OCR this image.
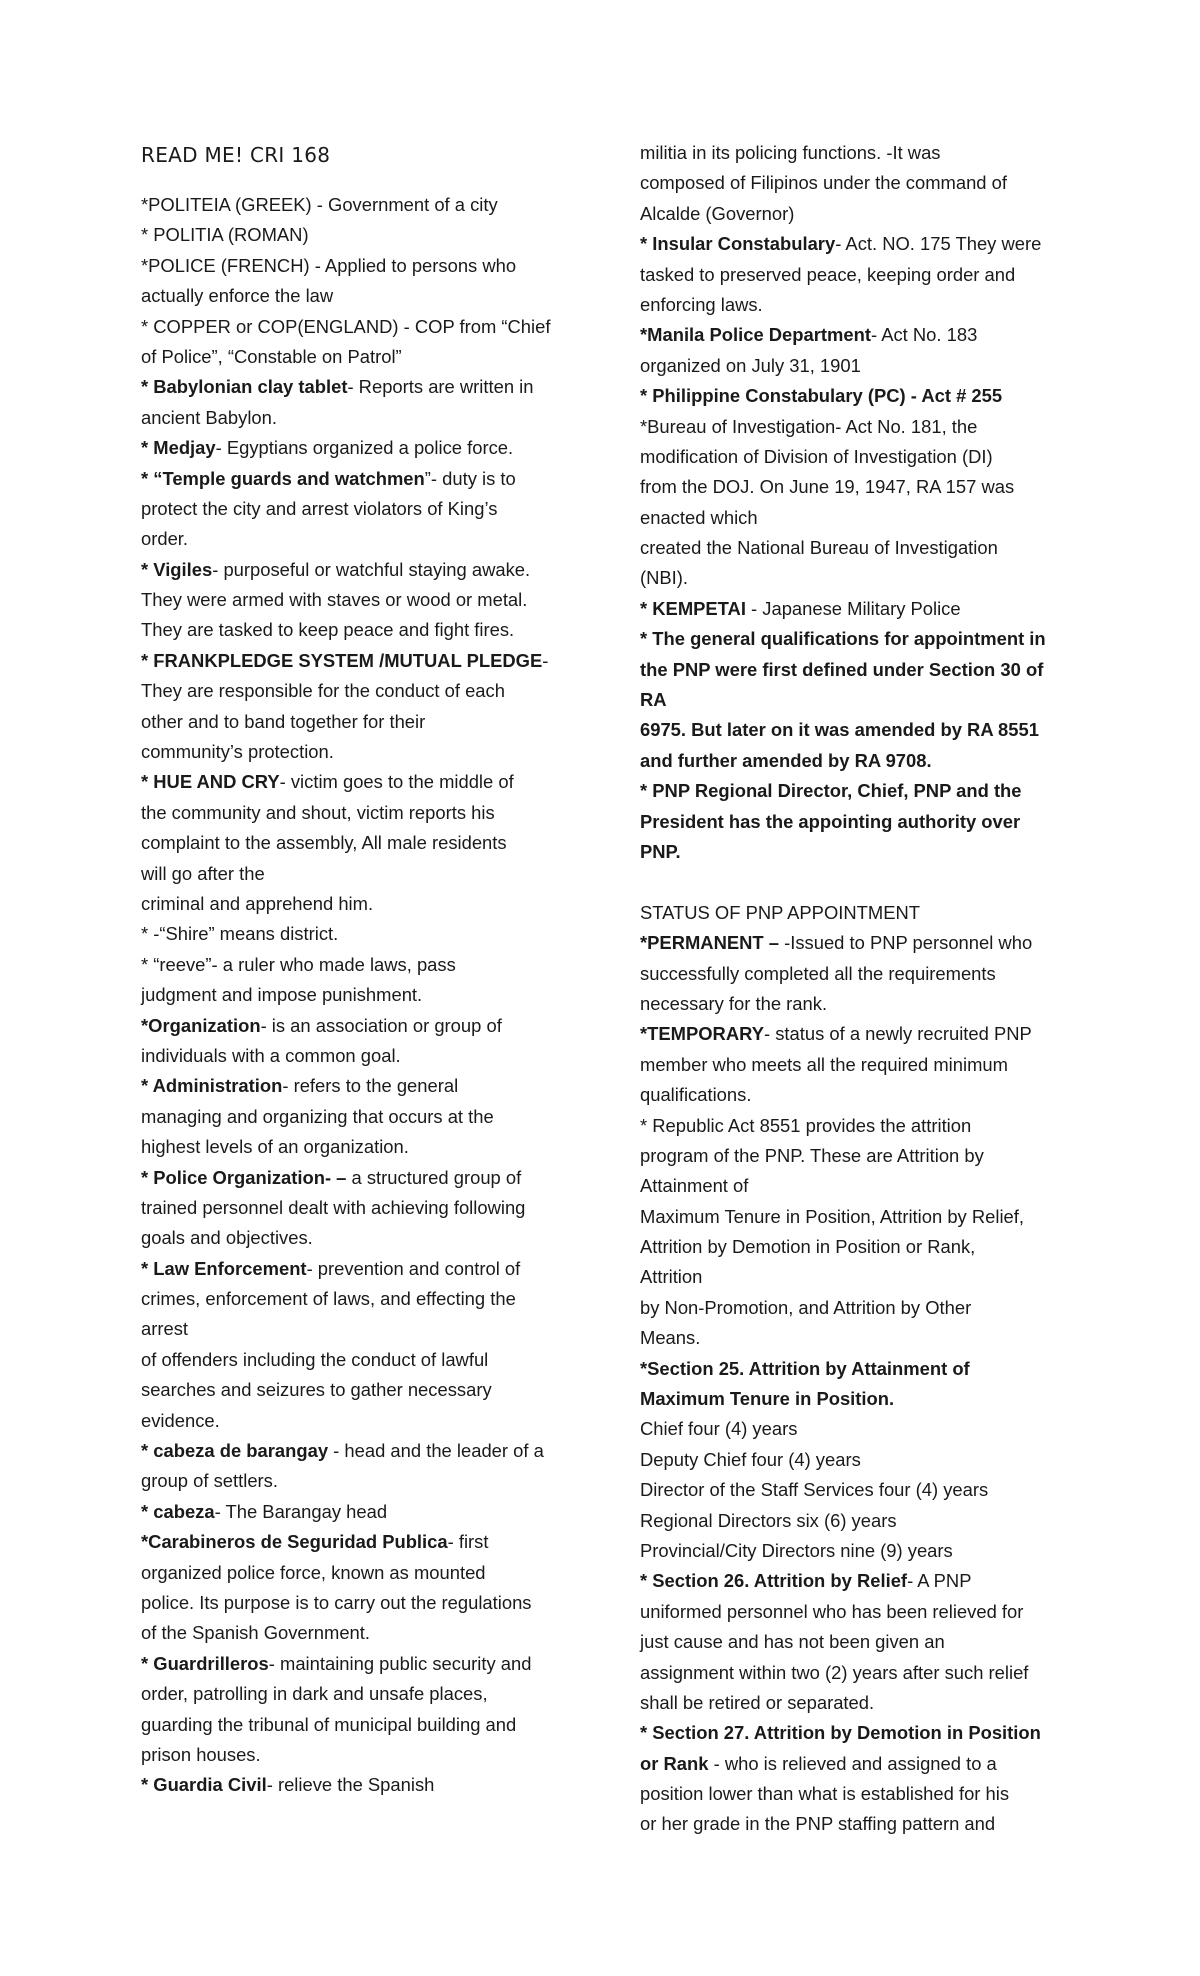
READ ME! CRI 168
*POLITEIA (GREEK) - Government of a city
* POLITIA (ROMAN)
*POLICE (FRENCH) - Applied to persons who
actually enforce the law
* COPPER or COP(ENGLAND) - COP from “Chief
of Police”, “Constable on Patrol”
* Babylonian clay tablet- Reports are written in
ancient Babylon.
* Medjay- Egyptians organized a police force.
* “Temple guards and watchmen”- duty is to
protect the city and arrest violators of King’s
order.
* Vigiles- purposeful or watchful staying awake.
They were armed with staves or wood or metal.
They are tasked to keep peace and fight fires.
* FRANKPLEDGE SYSTEM /MUTUAL PLEDGE-
They are responsible for the conduct of each
other and to band together for their
community’s protection.
* HUE AND CRY- victim goes to the middle of
the community and shout, victim reports his
complaint to the assembly, All male residents
will go after the
criminal and apprehend him.
* -“Shire” means district.
* “reeve”- a ruler who made laws, pass
judgment and impose punishment.
*Organization- is an association or group of
individuals with a common goal.
* Administration- refers to the general
managing and organizing that occurs at the
highest levels of an organization.
* Police Organization- – a structured group of
trained personnel dealt with achieving following
goals and objectives.
* Law Enforcement- prevention and control of
crimes, enforcement of laws, and effecting the
arrest
of offenders including the conduct of lawful
searches and seizures to gather necessary
evidence.
* cabeza de barangay - head and the leader of a
group of settlers.
* cabeza- The Barangay head
*Carabineros de Seguridad Publica- first
organized police force, known as mounted
police. Its purpose is to carry out the regulations
of the Spanish Government.
* Guardrilleros- maintaining public security and
order, patrolling in dark and unsafe places,
guarding the tribunal of municipal building and
prison houses.
* Guardia Civil- relieve the Spanish
militia in its policing functions. -It was
composed of Filipinos under the command of
Alcalde (Governor)
* Insular Constabulary- Act. NO. 175 They were
tasked to preserved peace, keeping order and
enforcing laws.
*Manila Police Department- Act No. 183
organized on July 31, 1901
* Philippine Constabulary (PC) - Act # 255
*Bureau of Investigation- Act No. 181, the
modification of Division of Investigation (DI)
from the DOJ. On June 19, 1947, RA 157 was
enacted which
created the National Bureau of Investigation
(NBI).
* KEMPETAI - Japanese Military Police
* The general qualifications for appointment in
the PNP were first defined under Section 30 of
RA
6975. But later on it was amended by RA 8551
and further amended by RA 9708.
* PNP Regional Director, Chief, PNP and the
President has the appointing authority over
PNP.
STATUS OF PNP APPOINTMENT
*PERMANENT – -Issued to PNP personnel who
successfully completed all the requirements
necessary for the rank.
*TEMPORARY- status of a newly recruited PNP
member who meets all the required minimum
qualifications.
* Republic Act 8551 provides the attrition
program of the PNP. These are Attrition by
Attainment of
Maximum Tenure in Position, Attrition by Relief,
Attrition by Demotion in Position or Rank,
Attrition
by Non-Promotion, and Attrition by Other
Means.
*Section 25. Attrition by Attainment of
Maximum Tenure in Position.
Chief four (4) years
Deputy Chief four (4) years
Director of the Staff Services four (4) years
Regional Directors six (6) years
Provincial/City Directors nine (9) years
* Section 26. Attrition by Relief- A PNP
uniformed personnel who has been relieved for
just cause and has not been given an
assignment within two (2) years after such relief
shall be retired or separated.
* Section 27. Attrition by Demotion in Position
or Rank - who is relieved and assigned to a
position lower than what is established for his
or her grade in the PNP staffing pattern and
